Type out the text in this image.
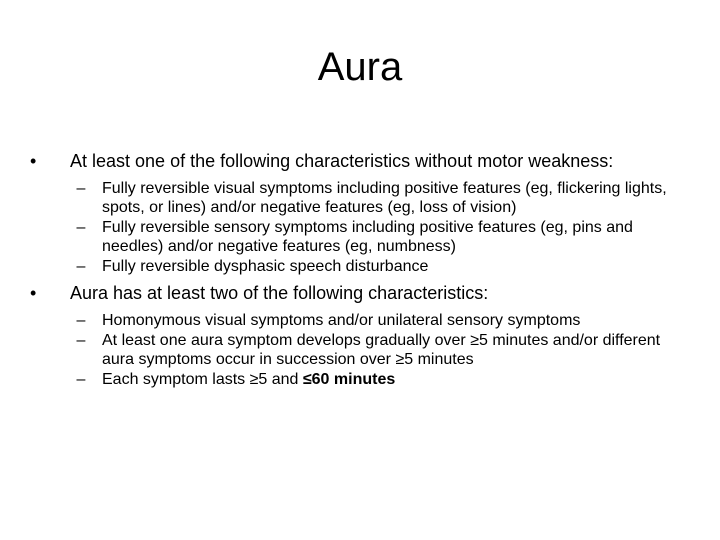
Aura
•	At least one of the following characteristics without motor weakness:
–	Fully reversible visual symptoms including positive features (eg, flickering lights, spots, or lines) and/or negative features (eg, loss of vision)
–	Fully reversible sensory symptoms including positive features (eg, pins and needles) and/or negative features (eg, numbness)
–	Fully reversible dysphasic speech disturbance
•	Aura has at least two of the following characteristics:
–	Homonymous visual symptoms and/or unilateral sensory symptoms
–	At least one aura symptom develops gradually over ≥5 minutes and/or different aura symptoms occur in succession over ≥5 minutes
–	Each symptom lasts ≥5 and ≤60 minutes
